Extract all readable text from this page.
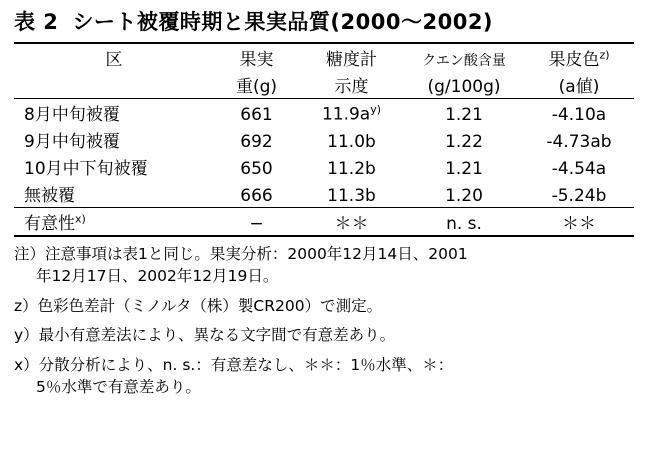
表 2 シート被覆時期と果実品質(2000〜2002)
区	果実	糖度計	クエン酸含量	果皮色$^{z)}$
	重(g)	示度	(g/100g)	(a値)
8月中旬被覆	661	$11.9a^{y)}$	1.21	-4.10a
9月中旬被覆	692	11.0b	1.22	-4.73ab
10月中下旬被覆	650	11.2b	1.21	-4.54a
無被覆	666	11.3b	1.20	-5.24b
有意性$^{x)}$	−	＊＊	n. s.	＊＊
注）注意事項は表1と同じ。果実分析：2000年12月14日、2001
年12月17日、2002年12月19日。
z）色彩色差計（ミノルタ（株）製CR200）で測定。
y）最小有意差法により、異なる文字間で有意差あり。
x）分散分析により、n. s.：有意差なし、＊＊：1％水準、＊：
5％水準で有意差あり。
